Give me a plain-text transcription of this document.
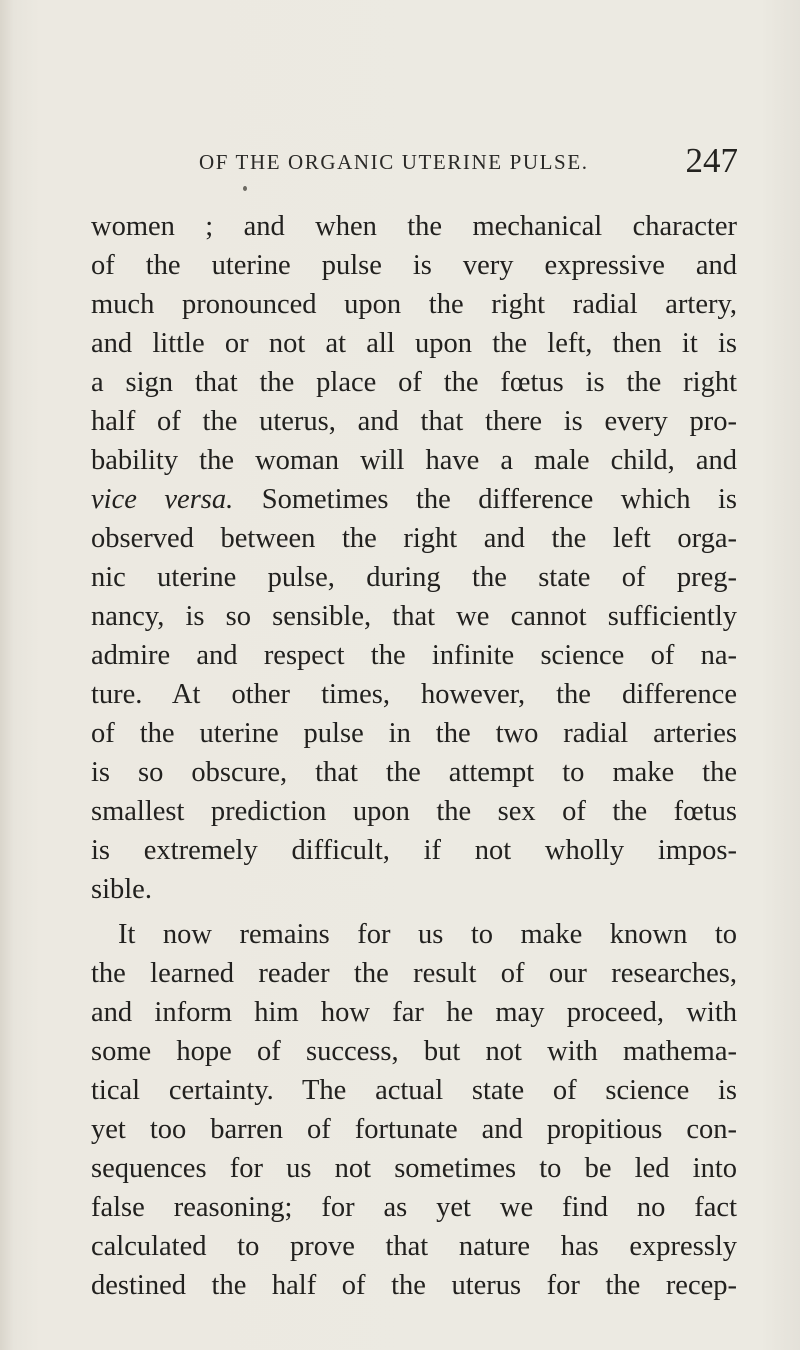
OF THE ORGANIC UTERINE PULSE.	247
women ; and when the mechanical character
of the uterine pulse is very expressive and
much pronounced upon the right radial artery,
and little or not at all upon the left, then it is
a sign that the place of the fœtus is the right
half of the uterus, and that there is every pro-
bability the woman will have a male child, and
vice versa.  Sometimes the difference which is
observed between the right and the left orga-
nic uterine pulse, during the state of preg-
nancy, is so sensible, that we cannot sufficiently
admire and respect the infinite science of na-
ture. At other times, however, the difference
of the uterine pulse in the two radial arteries
is so obscure, that the attempt to make the
smallest prediction upon the sex of the fœtus
is extremely difficult, if not wholly impos-
sible.
It now remains for us to make known to
the learned reader the result of our researches,
and inform him how far he may proceed, with
some hope of success, but not with mathema-
tical certainty. The actual state of science is
yet too barren of fortunate and propitious con-
sequences for us not sometimes to be led into
false reasoning; for as yet we find no fact
calculated to prove that nature has expressly
destined the half of the uterus for the recep-
